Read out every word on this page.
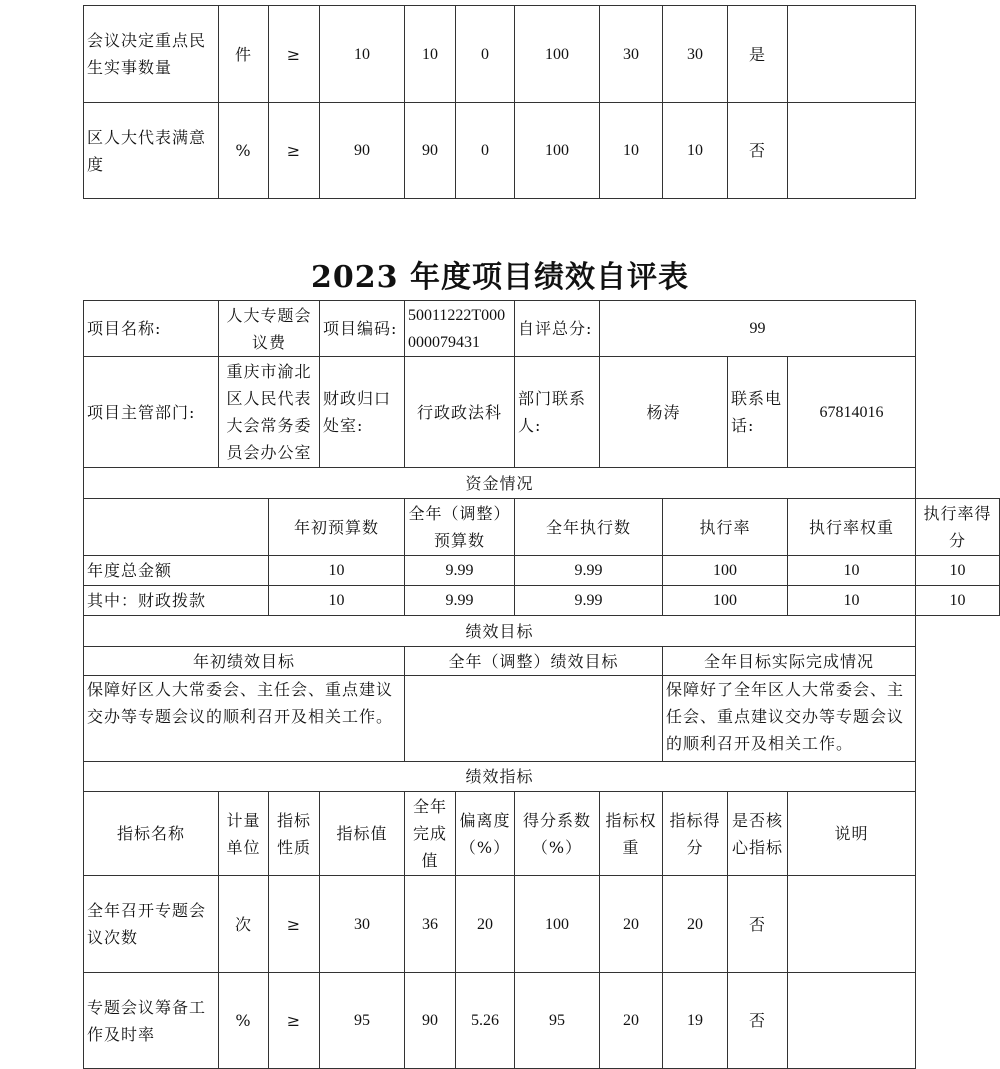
会议决定重点民生实事数量	件	≥	10	10	0	100	30	30	是	
区人大代表满意度	%	≥	90	90	0	100	10	10	否	
2023 年度项目绩效自评表
项目名称:	人大专题会议费		项目编码:	50011222T000000079431		自评总分:	99				
项目主管部门:	重庆市渝北区人民代表大会常务委员会办公室		财政归口处室:	行政政法科		部门联系人:	杨涛		联系电话:	67814016	
资金情况											
		年初预算数		全年（调整）预算数		全年执行数		执行率		执行率权重	执行率得分
年度总金额		10		9.99		9.99		100		10	10
其中：财政拨款		10		9.99		9.99		100		10	10
绩效目标											
年初绩效目标				全年（调整）绩效目标				全年目标实际完成情况			
保障好区人大常委会、主任会、重点建议交办等专题会议的顺利召开及相关工作。								保障好了全年区人大常委会、主任会、重点建议交办等专题会议的顺利召开及相关工作。			
绩效指标											
指标名称	计量单位	指标性质	指标值	全年完成值	偏离度（%）	得分系数（%）	指标权重	指标得分	是否核心指标	说明	
全年召开专题会议次数	次	≥	30	36	20	100	20	20	否		
专题会议筹备工作及时率	%	≥	95	90	5.26	95	20	19	否		
